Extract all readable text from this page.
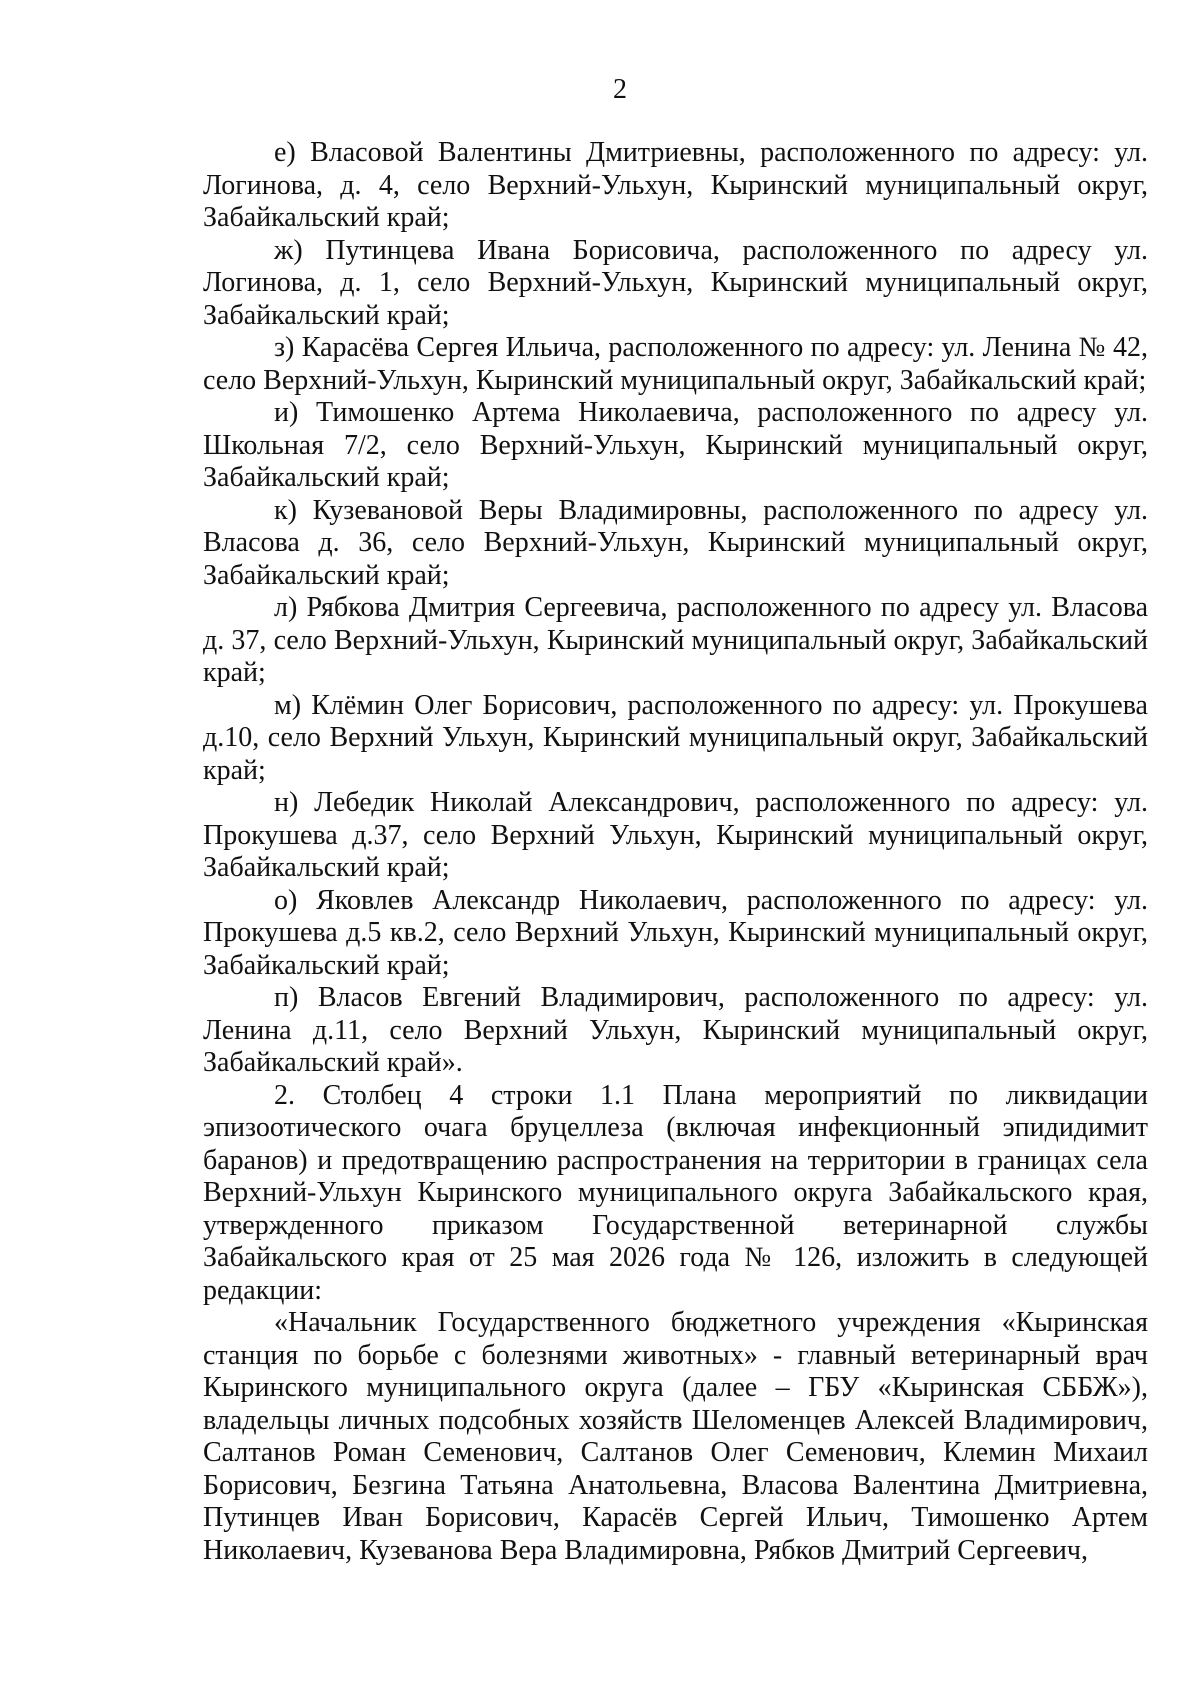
2

е) Власовой Валентины Дмитриевны, расположенного по адресу: ул. Логинова, д. 4, село Верхний-Ульхун, Кыринский муниципальный округ, Забайкальский край;

ж) Путинцева Ивана Борисовича, расположенного по адресу ул. Логинова, д. 1, село Верхний-Ульхун, Кыринский муниципальный округ, Забайкальский край;

з) Карасёва Сергея Ильича, расположенного по адресу: ул. Ленина № 42, село Верхний-Ульхун, Кыринский муниципальный округ, Забайкальский край;

и) Тимошенко Артема Николаевича, расположенного по адресу ул. Школьная 7/2, село Верхний-Ульхун, Кыринский муниципальный округ, Забайкальский край;

к) Кузевановой Веры Владимировны, расположенного по адресу ул. Власова д. 36, село Верхний-Ульхун, Кыринский муниципальный округ, Забайкальский край;

л) Рябкова Дмитрия Сергеевича, расположенного по адресу ул. Власова д. 37, село Верхний-Ульхун, Кыринский муниципальный округ, Забайкальский край;

м) Клёмин Олег Борисович, расположенного по адресу: ул. Прокушева д.10, село Верхний Ульхун, Кыринский муниципальный округ, Забайкальский край;

н) Лебедик Николай Александрович, расположенного по адресу: ул. Прокушева д.37, село Верхний Ульхун, Кыринский муниципальный округ, Забайкальский край;

о) Яковлев Александр Николаевич, расположенного по адресу: ул. Прокушева д.5 кв.2, село Верхний Ульхун, Кыринский муниципальный округ, Забайкальский край;

п) Власов Евгений Владимирович, расположенного по адресу: ул. Ленина д.11, село Верхний Ульхун, Кыринский муниципальный округ, Забайкальский край».

2. Столбец 4 строки 1.1 Плана мероприятий по ликвидации эпизоотического очага бруцеллеза (включая инфекционный эпидидимит баранов) и предотвращению распространения на территории в границах села Верхний-Ульхун Кыринского муниципального округа Забайкальского края, утвержденного приказом Государственной ветеринарной службы Забайкальского края от 25 мая 2026 года № 126, изложить в следующей редакции:

«Начальник Государственного бюджетного учреждения «Кыринская станция по борьбе с болезнями животных» - главный ветеринарный врач Кыринского муниципального округа (далее – ГБУ «Кыринская СББЖ»), владельцы личных подсобных хозяйств Шеломенцев Алексей Владимирович, Салтанов Роман Семенович, Салтанов Олег Семенович, Клемин Михаил Борисович, Безгина Татьяна Анатольевна, Власова Валентина Дмитриевна, Путинцев Иван Борисович, Карасёв Сергей Ильич, Тимошенко Артем Николаевич, Кузеванова Вера Владимировна, Рябков Дмитрий Сергеевич,
